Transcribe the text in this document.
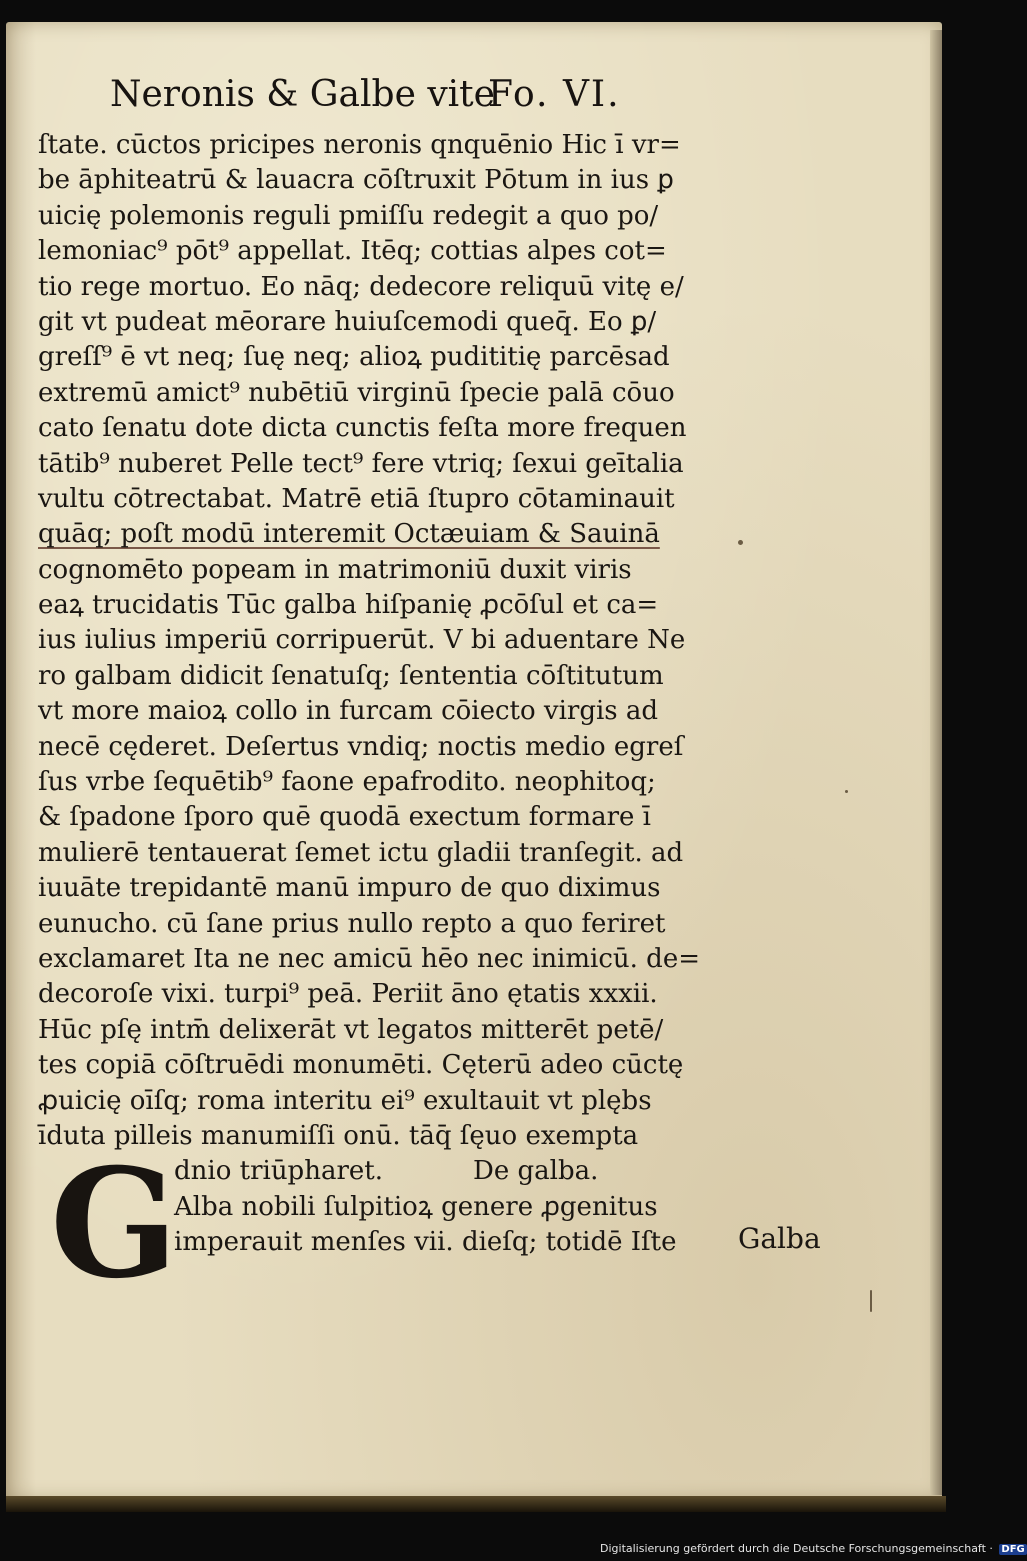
Neronis & Galbe vite
Fo. VI.
ſtate. cūctos pricipes neronis qnquēnio Hic ī vr=
be āphiteatrū & lauacra cōſtruxit Pōtum in ius ꝑ
uicię polemonis reguli pmiſſu redegit a quo po/
lemoniac⁹ pōt⁹ appellat. Itēq; cottias alpes cot=
tio rege mortuo. Eo nāq; dedecore reliquū vitę e/
git vt pudeat mēorare huiuſcemodi queq̄. Eo ꝑ/
greſſ⁹ ē vt neq; ſuę neq; alioꝝ pudititię parcēsad
extremū amict⁹ nubētiū virginū ſpecie palā cōuo
cato ſenatu dote dicta cunctis feſta more frequen
tātib⁹ nuberet Pelle tect⁹ fere vtriq; ſexui geītalia
vultu cōtrectabat. Matrē etiā ſtupro cōtaminauit
quāq; poſt modū interemit Octæuiam & Sauinā
cognomēto popeam in matrimoniū duxit viris
eaꝝ trucidatis Tūc galba hiſpanię ꝓcōſul et ca=
ius iulius imperiū corripuerūt. V bi aduentare Ne
ro galbam didicit ſenatuſq; ſententia cōſtitutum
vt more maioꝝ collo in furcam cōiecto virgis ad
necē cęderet. Deſertus vndiq; noctis medio egreſ
ſus vrbe ſequētib⁹ faone epafrodito. neophitoq;
& ſpadone ſporo quē quodā exectum formare ī
mulierē tentauerat ſemet ictu gladii tranſegit. ad
iuuāte trepidantē manū impuro de quo diximus
eunucho. cū ſane prius nullo repto a quo feriret
exclamaret Ita ne nec amicū hēo nec inimicū. de=
decoroſe vixi. turpi⁹ peā. Periit āno ętatis xxxii.
Hūc pſę intm̄ delixerāt vt legatos mitterēt petē/
tes copiā cōſtruēdi monumēti. Cęterū adeo cūctę
ꝓuicię oīſq; roma interitu ei⁹ exultauit vt plębs
īduta pilleis manumiſſi onū. tāq̄ ſęuo exempta
dnio triūpharet.	De galba.
Alba nobili ſulpitioꝝ genere ꝓgenitus
imperauit menſes vii. dieſq; totidē Iſte
G	Galba
Digitalisierung gefördert durch die Deutsche Forschungsgemeinschaft · DFG
